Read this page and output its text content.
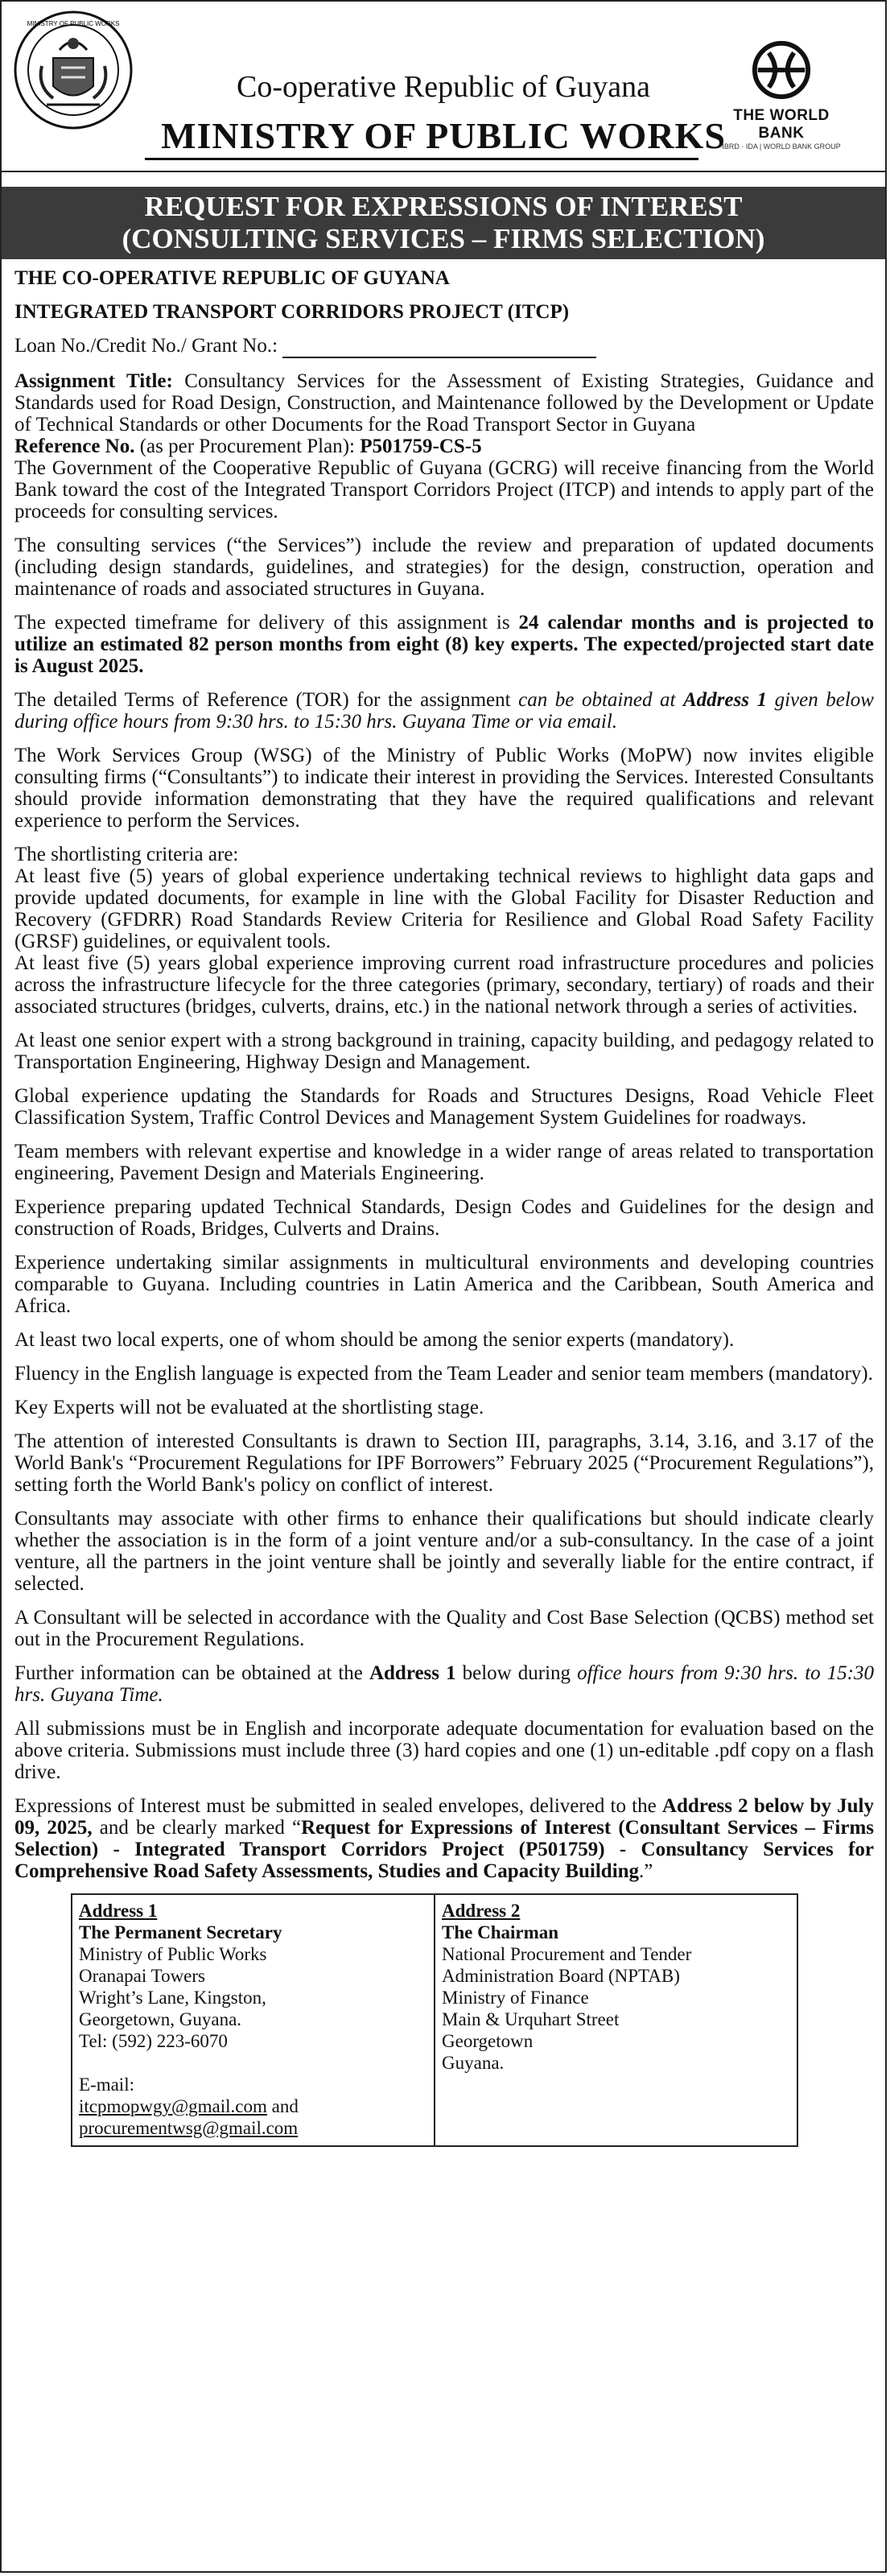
MINISTRY OF PUBLIC WORKS
Co-operative Republic of Guyana
MINISTRY OF PUBLIC WORKS THE WORLD BANK
IBRD · IDA | WORLD BANK GROUP
REQUEST FOR EXPRESSIONS OF INTEREST
(CONSULTING SERVICES – FIRMS SELECTION)

THE CO-OPERATIVE REPUBLIC OF GUYANA

INTEGRATED TRANSPORT CORRIDORS PROJECT (ITCP)

Loan No./Credit No./ Grant No.:

Assignment Title: Consultancy Services for the Assessment of Existing Strategies, Guidance and Standards used for Road Design, Construction, and Maintenance followed by the Development or Update of Technical Standards or other Documents for the Road Transport Sector in Guyana

Reference No. (as per Procurement Plan): P501759-CS-5

The Government of the Cooperative Republic of Guyana (GCRG) will receive financing from the World Bank toward the cost of the Integrated Transport Corridors Project (ITCP) and intends to apply part of the proceeds for consulting services.

The consulting services (“the Services”) include the review and preparation of updated documents (including design standards, guidelines, and strategies) for the design, construction, operation and maintenance of roads and associated structures in Guyana.

The expected timeframe for delivery of this assignment is 24 calendar months and is projected to utilize an estimated 82 person months from eight (8) key experts. The expected/projected start date is August 2025.

The detailed Terms of Reference (TOR) for the assignment can be obtained at Address 1 given below during office hours from 9:30 hrs. to 15:30 hrs. Guyana Time or via email.

The Work Services Group (WSG) of the Ministry of Public Works (MoPW) now invites eligible consulting firms (“Consultants”) to indicate their interest in providing the Services. Interested Consultants should provide information demonstrating that they have the required qualifications and relevant experience to perform the Services.

The shortlisting criteria are:

At least five (5) years of global experience undertaking technical reviews to highlight data gaps and provide updated documents, for example in line with the Global Facility for Disaster Reduction and Recovery (GFDRR) Road Standards Review Criteria for Resilience and Global Road Safety Facility (GRSF) guidelines, or equivalent tools.

At least five (5) years global experience improving current road infrastructure procedures and policies across the infrastructure lifecycle for the three categories (primary, secondary, tertiary) of roads and their associated structures (bridges, culverts, drains, etc.) in the national network through a series of activities.

At least one senior expert with a strong background in training, capacity building, and pedagogy related to Transportation Engineering, Highway Design and Management.

Global experience updating the Standards for Roads and Structures Designs, Road Vehicle Fleet Classification System, Traffic Control Devices and Management System Guidelines for roadways.

Team members with relevant expertise and knowledge in a wider range of areas related to transportation engineering, Pavement Design and Materials Engineering.

Experience preparing updated Technical Standards, Design Codes and Guidelines for the design and construction of Roads, Bridges, Culverts and Drains.

Experience undertaking similar assignments in multicultural environments and developing countries comparable to Guyana. Including countries in Latin America and the Caribbean, South America and Africa.

At least two local experts, one of whom should be among the senior experts (mandatory).

Fluency in the English language is expected from the Team Leader and senior team members (mandatory).

Key Experts will not be evaluated at the shortlisting stage.

The attention of interested Consultants is drawn to Section III, paragraphs, 3.14, 3.16, and 3.17 of the World Bank's “Procurement Regulations for IPF Borrowers” February 2025 (“Procurement Regulations”), setting forth the World Bank's policy on conflict of interest.

Consultants may associate with other firms to enhance their qualifications but should indicate clearly whether the association is in the form of a joint venture and/or a sub-consultancy. In the case of a joint venture, all the partners in the joint venture shall be jointly and severally liable for the entire contract, if selected.

A Consultant will be selected in accordance with the Quality and Cost Base Selection (QCBS) method set out in the Procurement Regulations.

Further information can be obtained at the Address 1 below during office hours from 9:30 hrs. to 15:30 hrs. Guyana Time.

All submissions must be in English and incorporate adequate documentation for evaluation based on the above criteria. Submissions must include three (3) hard copies and one (1) un-editable .pdf copy on a flash drive.

Expressions of Interest must be submitted in sealed envelopes, delivered to the Address 2 below by July 09, 2025, and be clearly marked “Request for Expressions of Interest (Consultant Services – Firms Selection) - Integrated Transport Corridors Project (P501759) - Consultancy Services for Comprehensive Road Safety Assessments, Studies and Capacity Building.”

Address 1
The Permanent Secretary
Ministry of Public Works
Oranapai Towers
Wright’s Lane, Kingston,
Georgetown, Guyana.
Tel: (592) 223-6070

E-mail:
itcpmopwgy@gmail.com and
procurementwsg@gmail.com
Address 2
The Chairman
National Procurement and Tender
Administration Board (NPTAB)
Ministry of Finance
Main & Urquhart Street
Georgetown
Guyana.
